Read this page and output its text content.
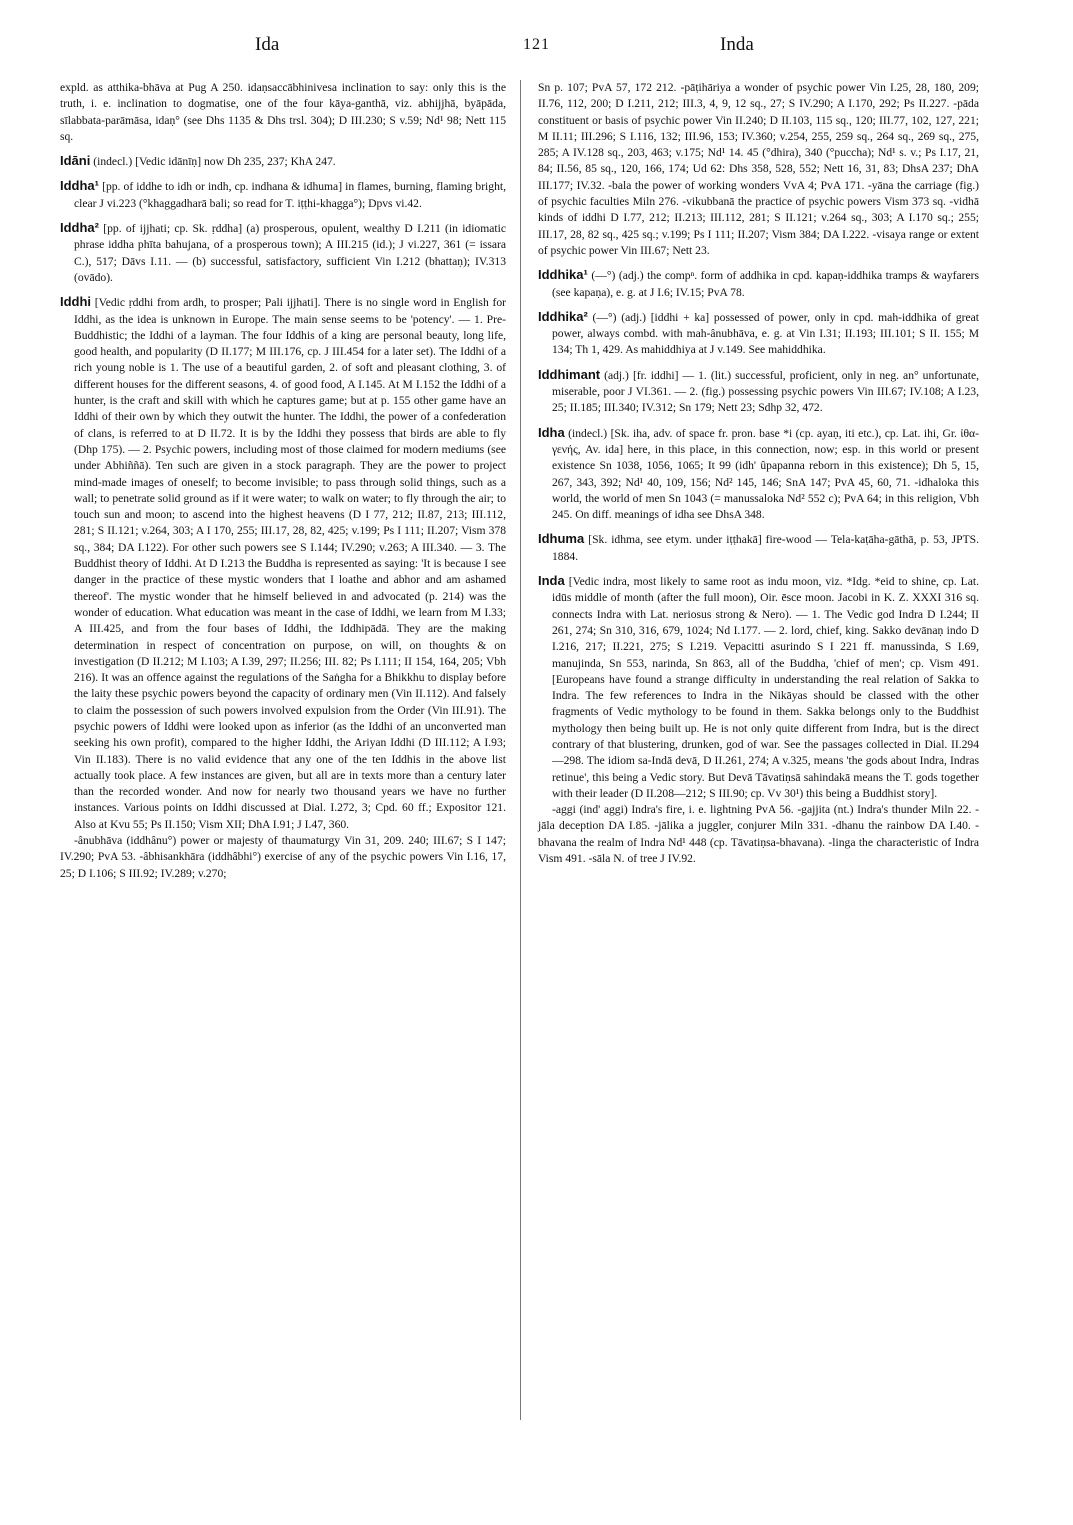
Ida	121	Inda

expld. as atthika-bhāva at Pug A 250. idaṇsaccābhinivesa inclination to say: only this is the truth, i. e. inclination to dogmatise, one of the four kāya-ganthā, viz. abhijjhā, byāpāda, sīlabbata-parāmāsa, idaṇ° (see Dhs 1135 & Dhs trsl. 304); D III.230; S v.59; Nd¹ 98; Nett 115 sq.

Idāni (indecl.) [Vedic idānīṇ] now Dh 235, 237; KhA 247.

Iddha¹ [pp. of iddhe to idh or indh, cp. indhana & idhuma] in flames, burning, flaming bright, clear J vi.223 (°khaggadharā bali; so read for T. iṭṭhi-khagga°); Dpvs vi.42.

Iddha² [pp. of ijjhati; cp. Sk. ṛddha] (a) prosperous, opulent, wealthy D I.211 (in idiomatic phrase iddha phīta bahujana, of a prosperous town); A III.215 (id.); J vi.227, 361 (= issara C.), 517; Dāvs I.11. — (b) successful, satisfactory, sufficient Vin I.212 (bhattaṇ); IV.313 (ovādo).

Iddhi [Vedic ṛddhi from ardh, to prosper; Pali ijjhati]. There is no single word in English for Iddhi, as the idea is unknown in Europe. The main sense seems to be 'potency'. — 1. Pre-Buddhistic; the Iddhi of a layman. The four Iddhis of a king are personal beauty, long life, good health, and popularity (D II.177; M III.176, cp. J III.454 for a later set). The Iddhi of a rich young noble is 1. The use of a beautiful garden, 2. of soft and pleasant clothing, 3. of different houses for the different seasons, 4. of good food, A I.145. At M I.152 the Iddhi of a hunter, is the craft and skill with which he captures game; but at p. 155 other game have an Iddhi of their own by which they outwit the hunter. The Iddhi, the power of a confederation of clans, is referred to at D II.72. It is by the Iddhi they possess that birds are able to fly (Dhp 175). — 2. Psychic powers, including most of those claimed for modern mediums (see under Abhiññā). Ten such are given in a stock paragraph. They are the power to project mind-made images of oneself; to become invisible; to pass through solid things, such as a wall; to penetrate solid ground as if it were water; to walk on water; to fly through the air; to touch sun and moon; to ascend into the highest heavens (D I 77, 212; II.87, 213; III.112, 281; S II.121; v.264, 303; A I 170, 255; III.17, 28, 82, 425; v.199; Ps I 111; II.207; Vism 378 sq., 384; DA I.122). For other such powers see S I.144; IV.290; v.263; A III.340. — 3. The Buddhist theory of Iddhi. At D I.213 the Buddha is represented as saying: 'It is because I see danger in the practice of these mystic wonders that I loathe and abhor and am ashamed thereof'. The mystic wonder that he himself believed in and advocated (p. 214) was the wonder of education. What education was meant in the case of Iddhi, we learn from M I.33; A III.425, and from the four bases of Iddhi, the Iddhipādā. They are the making determination in respect of concentration on purpose, on will, on thoughts & on investigation (D II.212; M I.103; A I.39, 297; II.256; III. 82; Ps I.111; II 154, 164, 205; Vbh 216). It was an offence against the regulations of the Saṅgha for a Bhikkhu to display before the laity these psychic powers beyond the capacity of ordinary men (Vin II.112). And falsely to claim the possession of such powers involved expulsion from the Order (Vin III.91). The psychic powers of Iddhi were looked upon as inferior (as the Iddhi of an unconverted man seeking his own profit), compared to the higher Iddhi, the Ariyan Iddhi (D III.112; A I.93; Vin II.183). There is no valid evidence that any one of the ten Iddhis in the above list actually took place. A few instances are given, but all are in texts more than a century later than the recorded wonder. And now for nearly two thousand years we have no further instances. Various points on Iddhi discussed at Dial. I.272, 3; Cpd. 60 ff.; Expositor 121. Also at Kvu 55; Ps II.150; Vism XII; DhA I.91; J I.47, 360.

-ânubhāva (iddhânu°) power or majesty of thaumaturgy Vin 31, 209. 240; III.67; S I 147; IV.290; PvA 53. -âbhisankhāra (iddhâbhi°) exercise of any of the psychic powers Vin I.16, 17, 25; D I.106; S III.92; IV.289; v.270;

Sn p. 107; PvA 57, 172 212. -pāṭihāriya a wonder of psychic power Vin I.25, 28, 180, 209; II.76, 112, 200; D I.211, 212; III.3, 4, 9, 12 sq., 27; S IV.290; A I.170, 292; Ps II.227. -pāda constituent or basis of psychic power Vin II.240; D II.103, 115 sq., 120; III.77, 102, 127, 221; M II.11; III.296; S I.116, 132; III.96, 153; IV.360; v.254, 255, 259 sq., 264 sq., 269 sq., 275, 285; A IV.128 sq., 203, 463; v.175; Nd¹ 14. 45 (°dhira), 340 (°puccha); Nd¹ s. v.; Ps I.17, 21, 84; II.56, 85 sq., 120, 166, 174; Ud 62: Dhs 358, 528, 552; Nett 16, 31, 83; DhsA 237; DhA III.177; IV.32. -bala the power of working wonders VvA 4; PvA 171. -yāna the carriage (fig.) of psychic faculties Miln 276. -vikubbanā the practice of psychic powers Vism 373 sq. -vidhā kinds of iddhi D I.77, 212; II.213; III.112, 281; S II.121; v.264 sq., 303; A I.170 sq.; 255; III.17, 28, 82 sq., 425 sq.; v.199; Ps I 111; II.207; Vism 384; DA I.222. -visaya range or extent of psychic power Vin III.67; Nett 23.

Iddhika¹ (—°) (adj.) the compⁿ. form of addhika in cpd. kapaṇ-iddhika tramps & wayfarers (see kapaṇa), e. g. at J I.6; IV.15; PvA 78.

Iddhika² (—°) (adj.) [iddhi + ka] possessed of power, only in cpd. mah-iddhika of great power, always combd. with mah-ânubhāva, e. g. at Vin I.31; II.193; III.101; S II. 155; M 134; Th 1, 429. As mahiddhiya at J v.149. See mahiddhika.

Iddhimant (adj.) [fr. iddhi] — 1. (lit.) successful, proficient, only in neg. an° unfortunate, miserable, poor J VI.361. — 2. (fig.) possessing psychic powers Vin III.67; IV.108; A I.23, 25; II.185; III.340; IV.312; Sn 179; Nett 23; Sdhp 32, 472.

Idha (indecl.) [Sk. iha, adv. of space fr. pron. base *i (cp. ayaṇ, iti etc.), cp. Lat. ihi, Gr. ἰθα-γενής, Av. ida] here, in this place, in this connection, now; esp. in this world or present existence Sn 1038, 1056, 1065; It 99 (idh' ûpapanna reborn in this existence); Dh 5, 15, 267, 343, 392; Nd¹ 40, 109, 156; Nd² 145, 146; SnA 147; PvA 45, 60, 71. -idhaloka this world, the world of men Sn 1043 (= manussaloka Nd² 552 c); PvA 64; in this religion, Vbh 245. On diff. meanings of idha see DhsA 348.

Idhuma [Sk. idhma, see etym. under iṭṭhakā] fire-wood — Tela-kaṭāha-gāthā, p. 53, JPTS. 1884.

Inda [Vedic indra, most likely to same root as indu moon, viz. *Idg. *eid to shine, cp. Lat. idūs middle of month (after the full moon), Oir. ēsce moon. Jacobi in K. Z. XXXI 316 sq. connects Indra with Lat. neriosus strong & Nero). — 1. The Vedic god Indra D I.244; II 261, 274; Sn 310, 316, 679, 1024; Nd I.177. — 2. lord, chief, king. Sakko devānaṇ indo D I.216, 217; II.221, 275; S I.219. Vepacitti asurindo S I 221 ff. manussinda, S I.69, manujinda, Sn 553, narinda, Sn 863, all of the Buddha, 'chief of men'; cp. Vism 491. [Europeans have found a strange difficulty in understanding the real relation of Sakka to Indra. The few references to Indra in the Nikāyas should be classed with the other fragments of Vedic mythology to be found in them. Sakka belongs only to the Buddhist mythology then being built up. He is not only quite different from Indra, but is the direct contrary of that blustering, drunken, god of war. See the passages collected in Dial. II.294—298. The idiom sa-Indā devā, D II.261, 274; A v.325, means 'the gods about Indra, Indras retinue', this being a Vedic story. But Devā Tāvatiṇsā sahindakā means the T. gods together with their leader (D II.208—212; S III.90; cp. Vv 30¹) this being a Buddhist story].

-aggi (ind' aggi) Indra's fire, i. e. lightning PvA 56. -gajjita (nt.) Indra's thunder Miln 22. -jāla deception DA I.85. -jālika a juggler, conjurer Miln 331. -dhanu the rainbow DA I.40. -bhavana the realm of Indra Nd¹ 448 (cp. Tāvatiṇsa-bhavana). -linga the characteristic of Indra Vism 491. -sāla N. of tree J IV.92.
